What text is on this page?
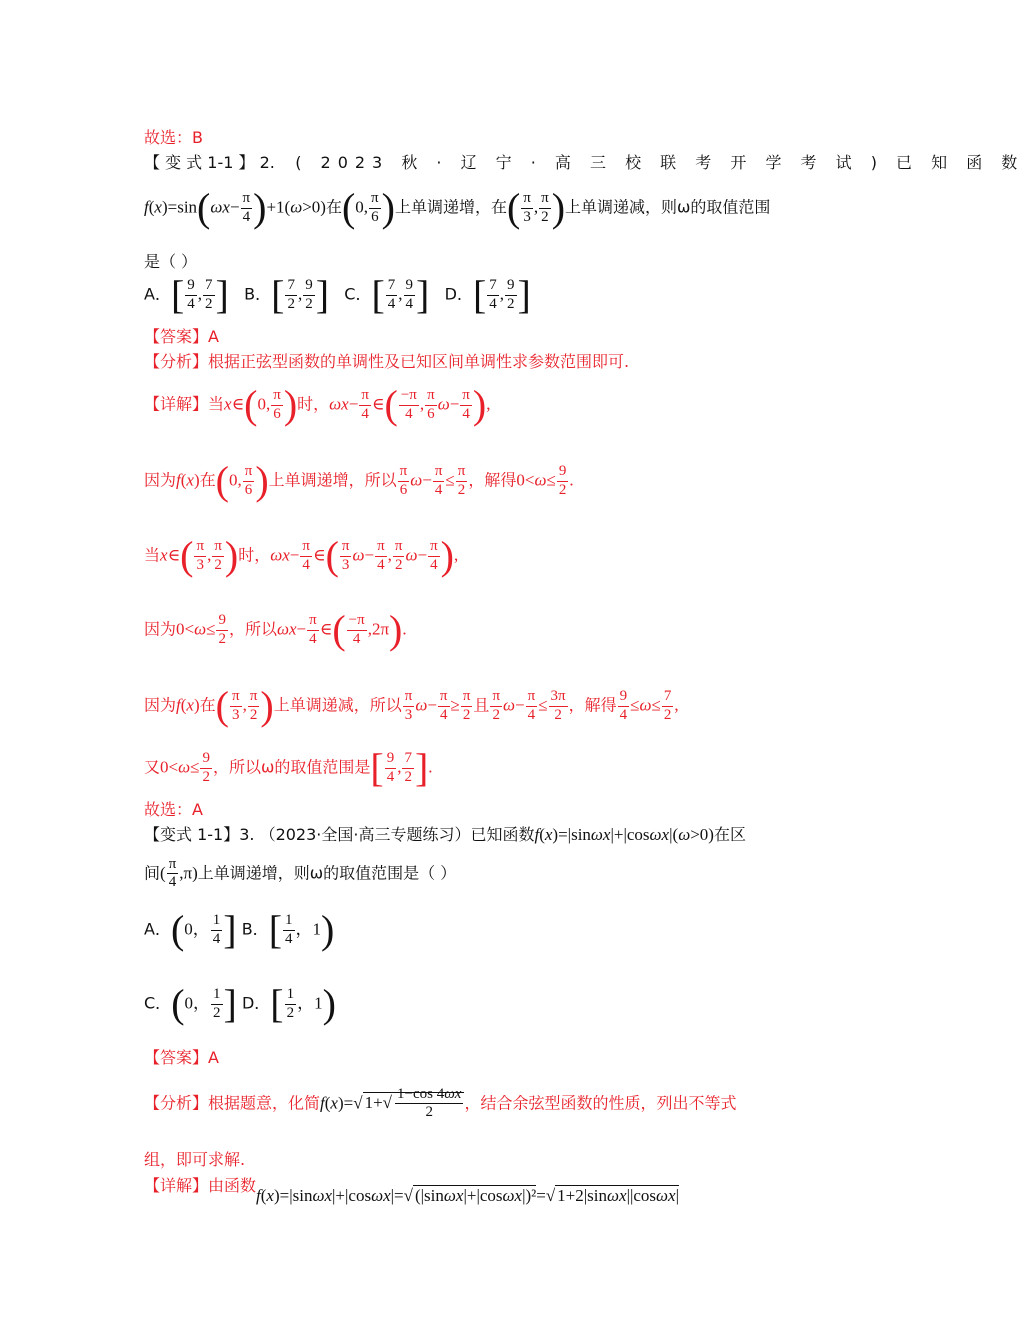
故选：B
【 变 式 1-1 】 2. ( 2023 秋 · 辽 宁 · 高 三 校 联 考 开 学 考 试 ) 已 知 函 数
$f(x)=\sin(\omega x- \frac{\pi}{4} )+1(\omega>0)$在(0, $\frac{\pi}{6}$ )上单调递增，在( $\frac{\pi}{3}$ , $\frac{\pi}{2}$ )上单调递减，则ω的取值范围
是（ ）
A．[ $\frac{9}{4}$ , $\frac{7}{2}$ ] B．[ $\frac{7}{2}$ , $\frac{9}{2}$ ] C．[ $\frac{7}{4}$ , $\frac{9}{4}$ ] D．[ $\frac{7}{4}$ , $\frac{9}{2}$ ]
【答案】A
【分析】根据正弦型函数的单调性及已知区间单调性求参数范围即可.
【详解】当x∈(0, $\frac{\pi}{6}$ )时，$\omega x- \frac{\pi}{4}$ ∈( $\frac{-\pi}{4}$ , $\frac{\pi}{6} \omega- \frac{\pi}{4}$ ),
因为f(x)在(0, $\frac{\pi}{6}$ )上单调递增，所以 $\frac{\pi}{6} \omega- \frac{\pi}{4} \le \frac{\pi}{2}$ ，解得$0<\omega\le \frac{9}{2}$ .
当x∈( $\frac{\pi}{3}$ , $\frac{\pi}{2}$ )时，$\omega x- \frac{\pi}{4}$ ∈( $\frac{\pi}{3} \omega- \frac{\pi}{4}$ , $\frac{\pi}{2} \omega- \frac{\pi}{4}$ ),
因为$0<\omega\le \frac{9}{2}$ ，所以$\omega x- \frac{\pi}{4}$ ∈( $\frac{-\pi}{4} ,2\pi$).
因为f(x)在( $\frac{\pi}{3}$ , $\frac{\pi}{2}$ )上单调递减，所以 $\frac{\pi}{3} \omega- \frac{\pi}{4} \ge \frac{\pi}{2}$ 且 $\frac{\pi}{2} \omega- \frac{\pi}{4} \le \frac{3\pi}{2}$ ，解得 $\frac{9}{4} \le\omega\le \frac{7}{2}$ ,
又$0<\omega\le \frac{9}{2}$ ，所以ω的取值范围是[ $\frac{9}{4}$ , $\frac{7}{2}$ ].
故选：A
【变式 1-1】3. （2023·全国·高三专题练习）已知函数f(x)=|sinωx|+|cosωx|(ω>0)在区
间( $\frac{\pi}{4} ,\pi$)上单调递增，则ω的取值范围是（ ）
A．(0， $\frac{1}{4}$ ] B．[ $\frac{1}{4}$ ，1)
C．(0， $\frac{1}{2}$ ] D．[ $\frac{1}{2}$ ，1)
【答案】A
【分析】根据题意，化简f(x)=√ $1+√ \frac{1-\cos 4\omega x}{2}$ ，结合余弦型函数的性质，列出不等式
组，即可求解.
【详解】由函数f(x)=|sinωx|+|cosωx|=√ (|sinωx|+|cosωx|)²=√ 1+2|sinωx||cosωx|
